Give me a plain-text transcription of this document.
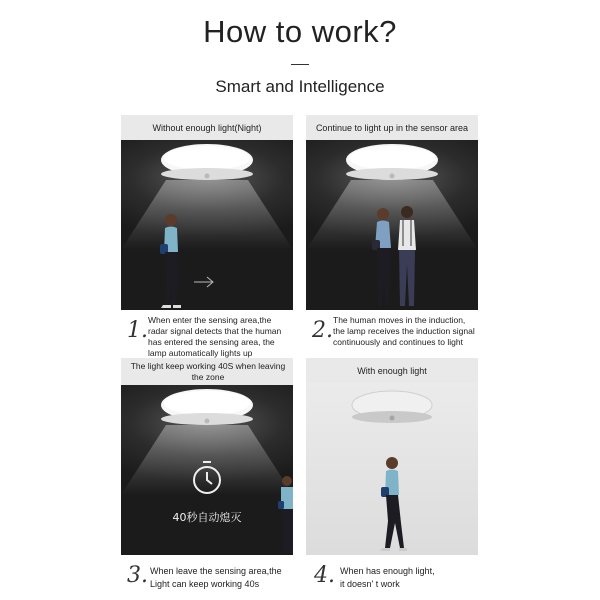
How to work?
Smart and Intelligence
Without enough light(Night)
1. When enter the sensing area,the
radar signal detects that the human
has entered the sensing area, the
lamp automatically lights up
Continue to light up in the sensor area
2. The human moves in the induction,
the lamp receives the induction signal
continuously and continues to light
The light keep working 40S when leaving the zone
40秒自动熄灭
3. When leave the sensing area,the
Light can keep working 40s
With enough light
4. When has enough light,
it doesn' t work
